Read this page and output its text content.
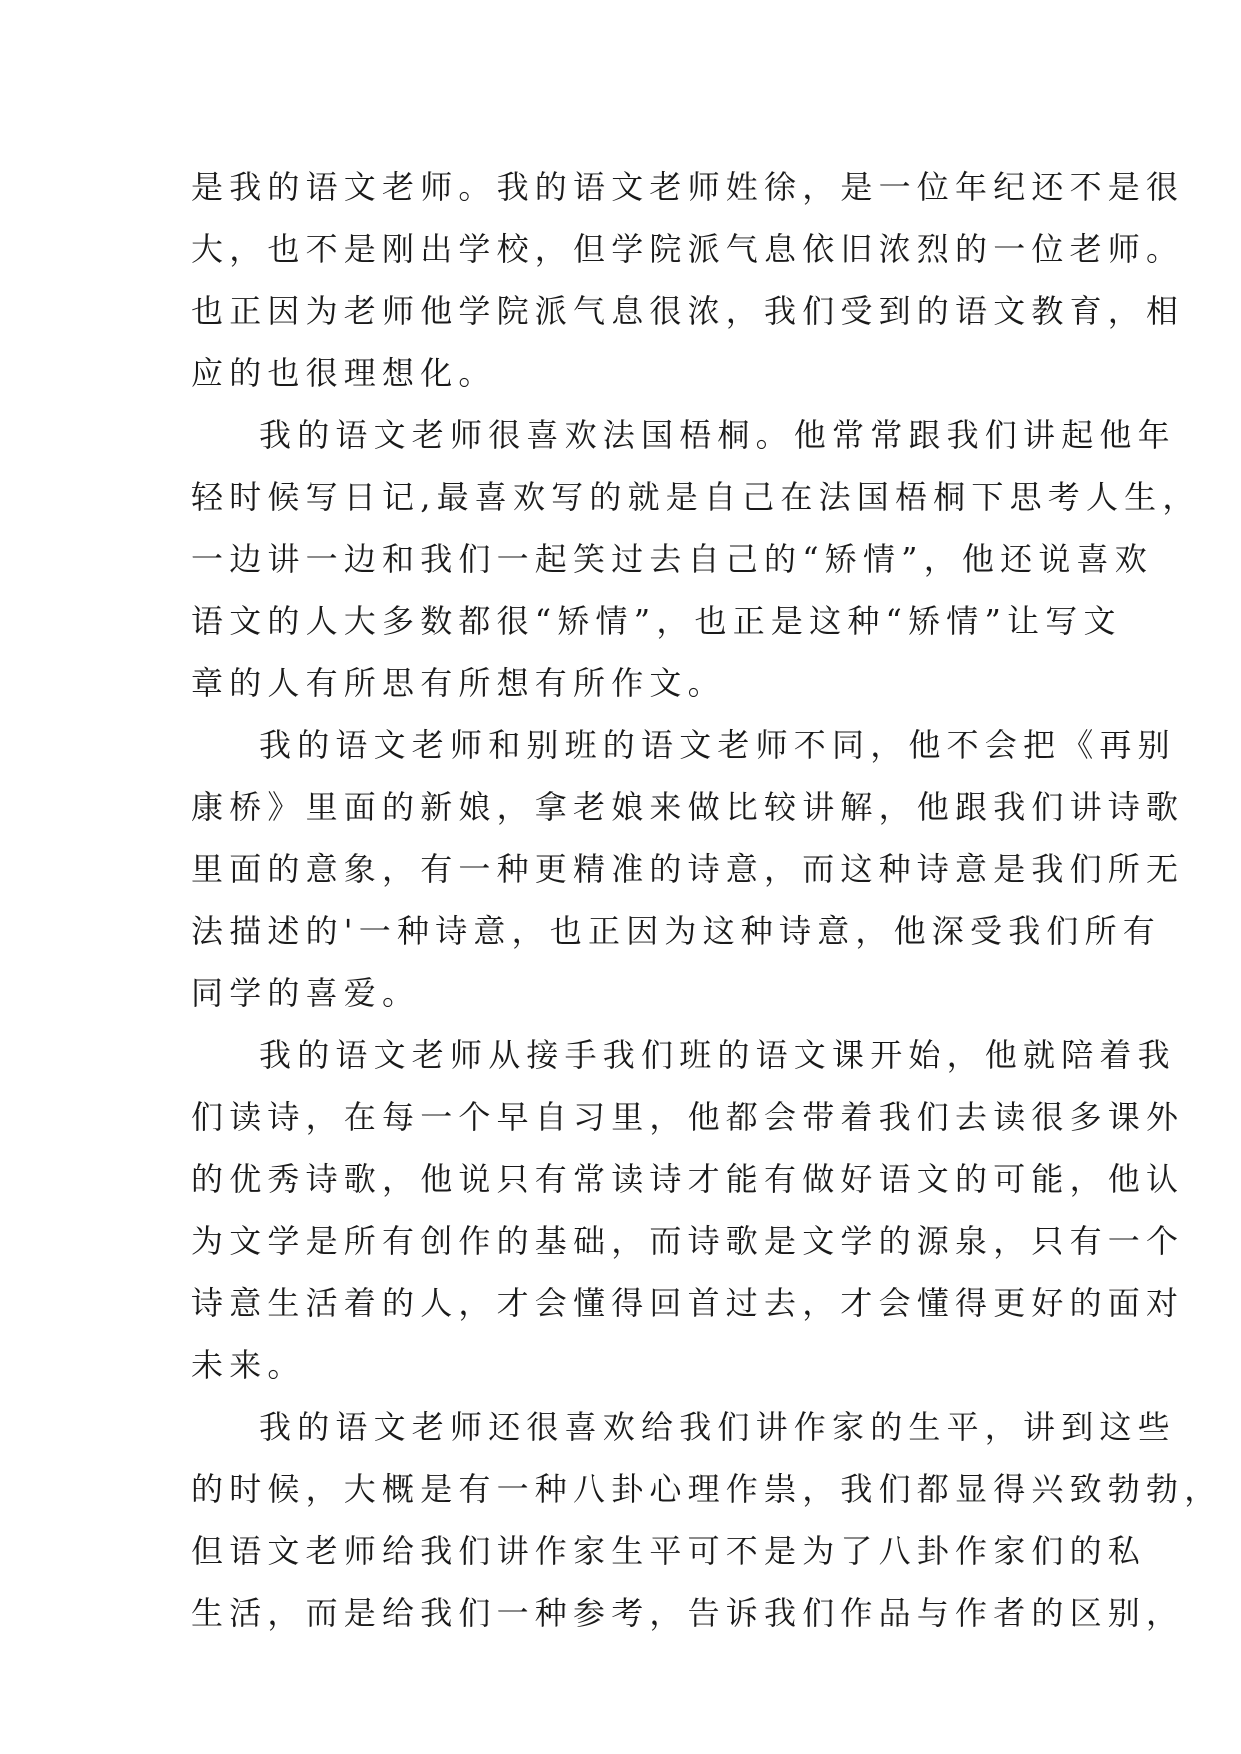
是我的语文老师。我的语文老师姓徐，是一位年纪还不是很
大，也不是刚出学校，但学院派气息依旧浓烈的一位老师。
也正因为老师他学院派气息很浓，我们受到的语文教育，相
应的也很理想化。
我的语文老师很喜欢法国梧桐。他常常跟我们讲起他年
轻时候写日记,最喜欢写的就是自己在法国梧桐下思考人生，
一边讲一边和我们一起笑过去自己的“矫情”，他还说喜欢
语文的人大多数都很“矫情”，也正是这种“矫情”让写文
章的人有所思有所想有所作文。
我的语文老师和别班的语文老师不同，他不会把《再别
康桥》里面的新娘，拿老娘来做比较讲解，他跟我们讲诗歌
里面的意象，有一种更精准的诗意，而这种诗意是我们所无
法描述的'一种诗意，也正因为这种诗意，他深受我们所有
同学的喜爱。
我的语文老师从接手我们班的语文课开始，他就陪着我
们读诗，在每一个早自习里，他都会带着我们去读很多课外
的优秀诗歌，他说只有常读诗才能有做好语文的可能，他认
为文学是所有创作的基础，而诗歌是文学的源泉，只有一个
诗意生活着的人，才会懂得回首过去，才会懂得更好的面对
未来。
我的语文老师还很喜欢给我们讲作家的生平，讲到这些
的时候，大概是有一种八卦心理作祟，我们都显得兴致勃勃，
但语文老师给我们讲作家生平可不是为了八卦作家们的私
生活，而是给我们一种参考，告诉我们作品与作者的区别，
